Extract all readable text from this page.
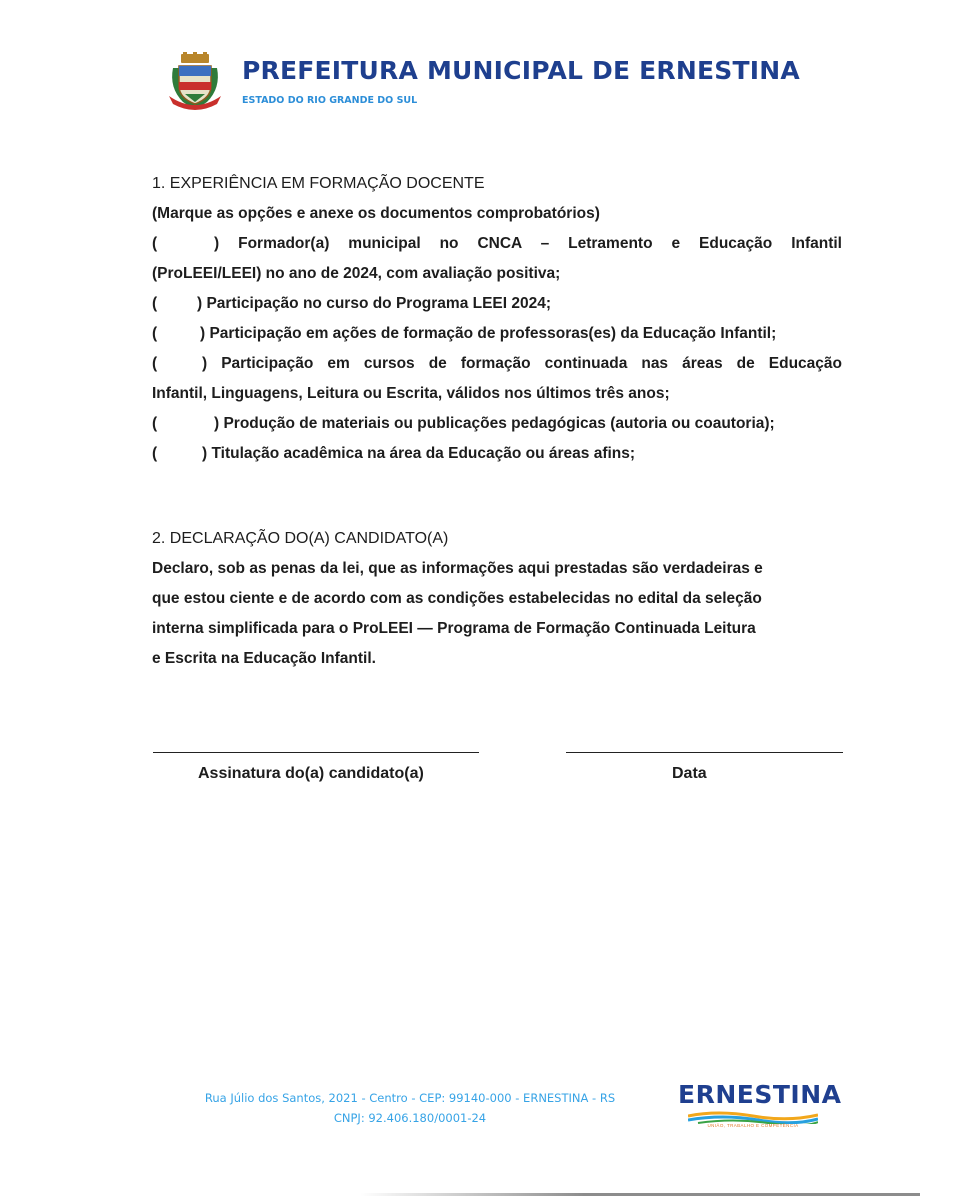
PREFEITURA MUNICIPAL DE ERNESTINA
ESTADO DO RIO GRANDE DO SUL
1. EXPERIÊNCIA EM FORMAÇÃO DOCENTE
(Marque as opções e anexe os documentos comprobatórios)
(	) Formador(a) municipal no CNCA – Letramento e Educação Infantil
(ProLEEI/LEEI) no ano de 2024, com avaliação positiva;
(	) Participação no curso do Programa LEEI 2024;
(	) Participação em ações de formação de professoras(es) da Educação Infantil;
(	) Participação em cursos de formação continuada nas áreas de Educação
Infantil, Linguagens, Leitura ou Escrita, válidos nos últimos três anos;
(	) Produção de materiais ou publicações pedagógicas (autoria ou coautoria);
(	) Titulação acadêmica na área da Educação ou áreas afins;
2. DECLARAÇÃO DO(A) CANDIDATO(A)
Declaro, sob as penas da lei, que as informações aqui prestadas são verdadeiras e
que estou ciente e de acordo com as condições estabelecidas no edital da seleção
interna simplificada para o ProLEEI — Programa de Formação Continuada Leitura
e Escrita na Educação Infantil.
Assinatura do(a) candidato(a)	Data
Rua Júlio dos Santos, 2021 - Centro - CEP: 99140-000 - ERNESTINA - RS
CNPJ: 92.406.180/0001-24
ERNESTINA
UNIÃO, TRABALHO E COMPETÊNCIA
